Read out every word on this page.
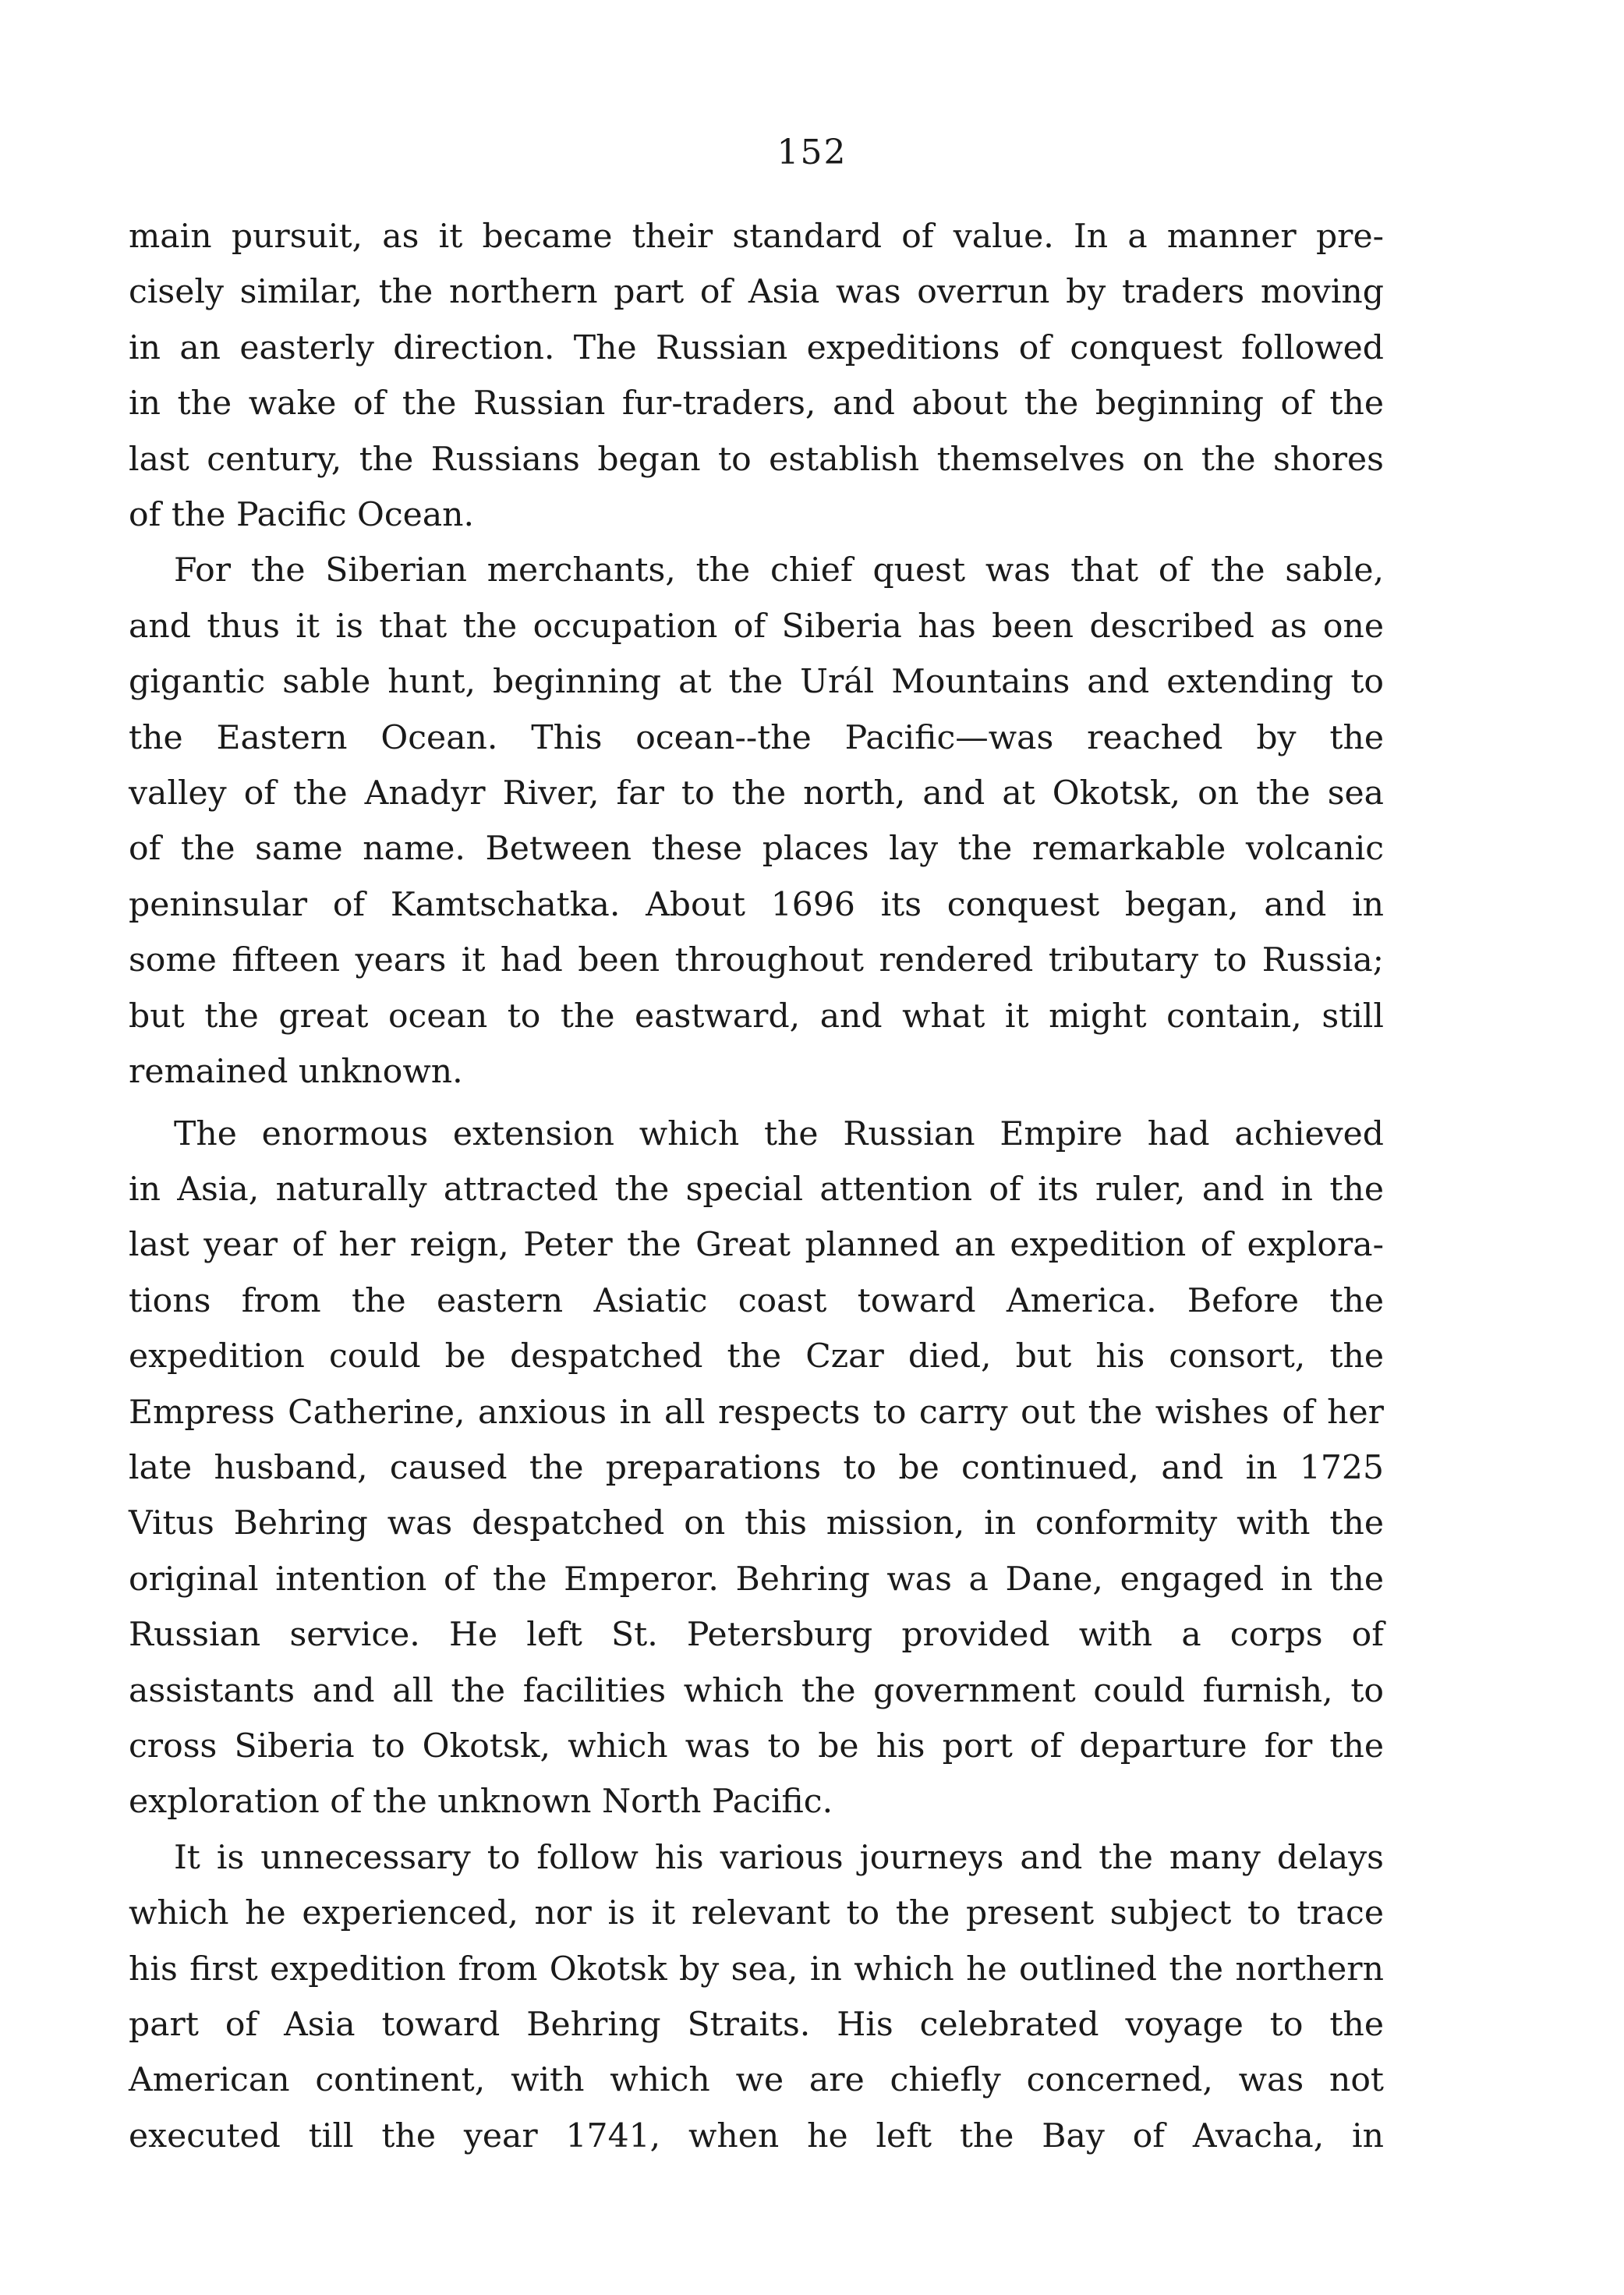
152

main pursuit, as it became their standard of value. In a manner pre-
cisely similar, the northern part of Asia was overrun by traders moving
in an easterly direction. The Russian expeditions of conquest followed
in the wake of the Russian fur-traders, and about the beginning of the
last century, the Russians began to establish themselves on the shores
of the Pacific Ocean.

For the Siberian merchants, the chief quest was that of the sable,
and thus it is that the occupation of Siberia has been described as one
gigantic sable hunt, beginning at the Urál Mountains and extending to
the Eastern Ocean. This ocean--the Pacific—was reached by the
valley of the Anadyr River, far to the north, and at Okotsk, on the sea
of the same name. Between these places lay the remarkable volcanic
peninsular of Kamtschatka. About 1696 its conquest began, and in
some fifteen years it had been throughout rendered tributary to Russia;
but the great ocean to the eastward, and what it might contain, still
remained unknown.

The enormous extension which the Russian Empire had achieved
in Asia, naturally attracted the special attention of its ruler, and in the
last year of her reign, Peter the Great planned an expedition of explora-
tions from the eastern Asiatic coast toward America. Before the
expedition could be despatched the Czar died, but his consort, the
Empress Catherine, anxious in all respects to carry out the wishes of her
late husband, caused the preparations to be continued, and in 1725
Vitus Behring was despatched on this mission, in conformity with the
original intention of the Emperor. Behring was a Dane, engaged in the
Russian service. He left St. Petersburg provided with a corps of
assistants and all the facilities which the government could furnish, to
cross Siberia to Okotsk, which was to be his port of departure for the
exploration of the unknown North Pacific.

It is unnecessary to follow his various journeys and the many delays
which he experienced, nor is it relevant to the present subject to trace
his first expedition from Okotsk by sea, in which he outlined the northern
part of Asia toward Behring Straits. His celebrated voyage to the
American continent, with which we are chiefly concerned, was not
executed till the year 1741, when he left the Bay of Avacha, in
